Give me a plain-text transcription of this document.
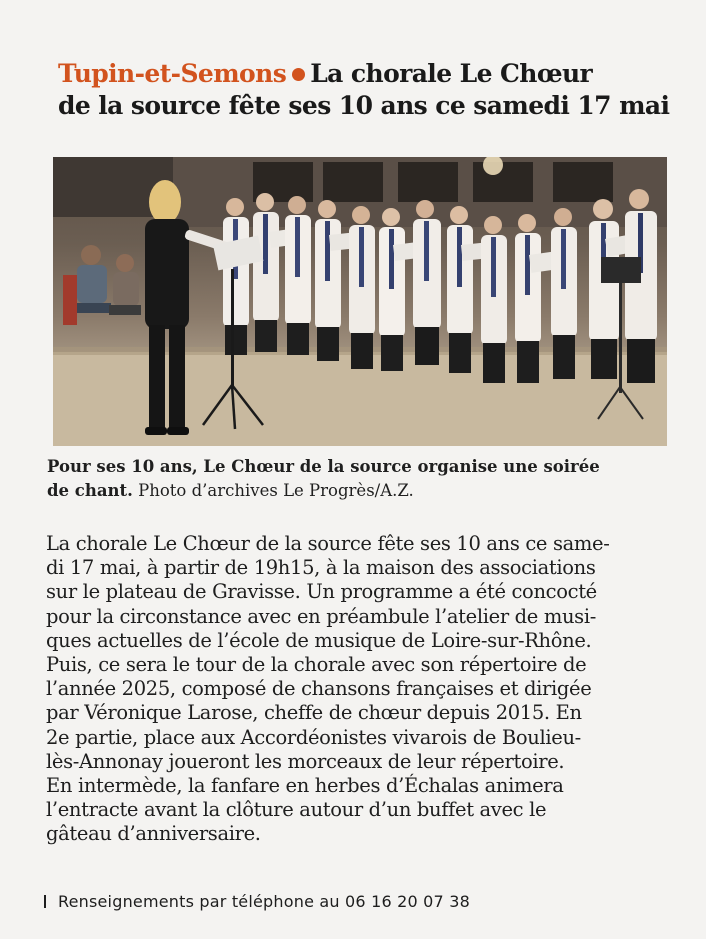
Tupin-et-Semons La chorale Le Chœur
de la source fête ses 10 ans ce samedi 17 mai
Pour ses 10 ans, Le Chœur de la source organise une soirée
de chant. Photo d’archives Le Progrès/A.Z.
La chorale Le Chœur de la source fête ses 10 ans ce same-
di 17 mai, à partir de 19h15, à la maison des associations
sur le plateau de Gravisse. Un programme a été concocté
pour la circonstance avec en préambule l’atelier de musi-
ques actuelles de l’école de musique de Loire-sur-Rhône.
Puis, ce sera le tour de la chorale avec son répertoire de
l’année 2025, composé de chansons françaises et dirigée
par Véronique Larose, cheffe de chœur depuis 2015. En
2e partie, place aux Accordéonistes vivarois de Boulieu-
lès-Annonay joueront les morceaux de leur répertoire.
En intermède, la fanfare en herbes d’Échalas animera
l’entracte avant la clôture autour d’un buffet avec le
gâteau d’anniversaire.
Renseignements par téléphone au 06 16 20 07 38
